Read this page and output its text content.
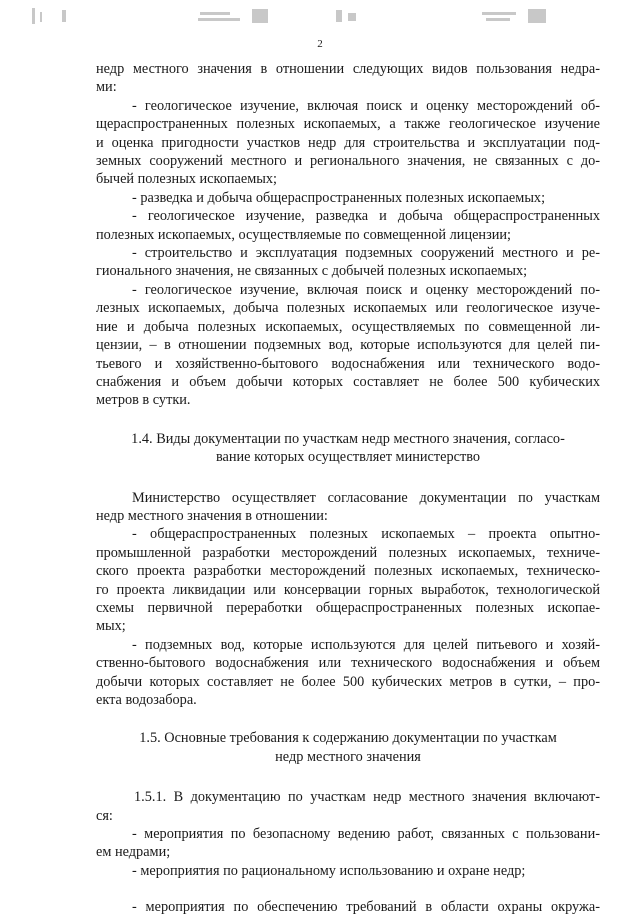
2
недр местного значения в отношении следующих видов пользования недра-
ми:
- геологическое изучение, включая поиск и оценку месторождений об-
щераспространенных полезных ископаемых, а также геологическое изучение
и оценка пригодности участков недр для строительства и эксплуатации под-
земных сооружений местного и регионального значения, не связанных с до-
бычей полезных ископаемых;
- разведка и добыча общераспространенных полезных ископаемых;
- геологическое изучение, разведка и добыча общераспространенных
полезных ископаемых, осуществляемые по совмещенной лицензии;
- строительство и эксплуатация подземных сооружений местного и ре-
гионального значения, не связанных с добычей полезных ископаемых;
- геологическое изучение, включая поиск и оценку месторождений по-
лезных ископаемых, добыча полезных ископаемых или геологическое изуче-
ние и добыча полезных ископаемых, осуществляемых по совмещенной ли-
цензии, – в отношении подземных вод, которые используются для целей пи-
тьевого и хозяйственно-бытового водоснабжения или технического водо-
снабжения и объем добычи которых составляет не более 500 кубических
метров в сутки.
1.4. Виды документации по участкам недр местного значения, согласо-
вание которых осуществляет министерство
Министерство осуществляет согласование документации по участкам
недр местного значения в отношении:
- общераспространенных полезных ископаемых – проекта опытно-
промышленной разработки месторождений полезных ископаемых, техниче-
ского проекта разработки месторождений полезных ископаемых, техническо-
го проекта ликвидации или консервации горных выработок, технологической
схемы первичной переработки общераспространенных полезных ископае-
мых;
- подземных вод, которые используются для целей питьевого и хозяй-
ственно-бытового водоснабжения или технического водоснабжения и объем
добычи которых составляет не более 500 кубических метров в сутки, – про-
екта водозабора.
1.5. Основные требования к содержанию документации по участкам
недр местного значения
1.5.1. В документацию по участкам недр местного значения включают-
ся:
- мероприятия по безопасному ведению работ, связанных с пользовани-
ем недрами;
- мероприятия по рациональному использованию и охране недр;
- мероприятия по обеспечению требований в области охраны окружа-
